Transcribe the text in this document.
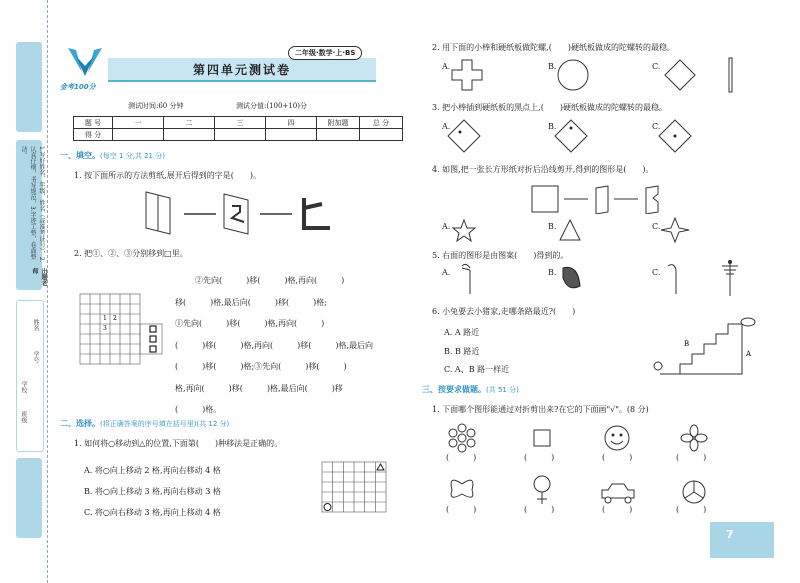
1.写好姓名、年级、姓名（或准考证号），2.认真仔细，书写规范，3.字迹工整，卷面整洁。
出题老师
姓名
学号
学校
班级
金考100分
第四单元测试卷
二年级·数学·上·BS
测试时间:60 分钟	测试分值:(100+10)分
题 号	一	二	三	四	附加题	总 分
得 分						
一、填空。(每空 1 分,共 21 分)
1. 按下面所示的方法剪纸,展开后得到的字是(　　)。
2. 把①、②、③分别移到□里。
1 2
3
②先向(　　　)移(　　　)格,再向(　　　)
移(　　　)格,最后向(　　　)移(　　　)格;
①先向(　　　)移(　　　)格,再向(　　　)
(　　　)移(　　　)格,再向(　　　)移(　　　)格,最后向
(　　　)移(　　　)格;③先向(　　　)移(　　　)
格,再向(　　　)移(　　　)格,最后向(　　　)移
(　　　)格。
二、选择。(将正确答案的序号填在括号里)(共 12 分)
1. 如何将○移动到△的位置,下面第(　　)种移法是正确的。
A. 将○向上移动 2 格,再向右移动 4 格
B. 将○向上移动 3 格,再向右移动 3 格
C. 将○向右移动 3 格,再向上移动 4 格
2. 用下面的小棒和硬纸板做陀螺,(　　)硬纸板做成的陀螺转的最稳。
A.	B.	C.
3. 把小棒插到硬纸板的黑点上,(　　)硬纸板做成的陀螺转的最稳。
A.	B.	C.
4. 如图,把一张长方形纸对折后沿线剪开,得到的图形是(　　)。
A.	B.	C.
5. 右面的图形是由图案(　　)得到的。
A.	B.	C.
6. 小兔要去小猪家,走哪条路最近?(　　)
A. A 路近
B. B 路近
C. A、B 路一样近
B
A
三、按要求做题。(共 51 分)
1. 下面哪个图形能通过对折剪出来?在它的下面画"√"。(8 分)
(　　　)	(　　　)	(　　　)	(　　　)
(　　　)	(　　　)	(　　　)	(　　　)
7
